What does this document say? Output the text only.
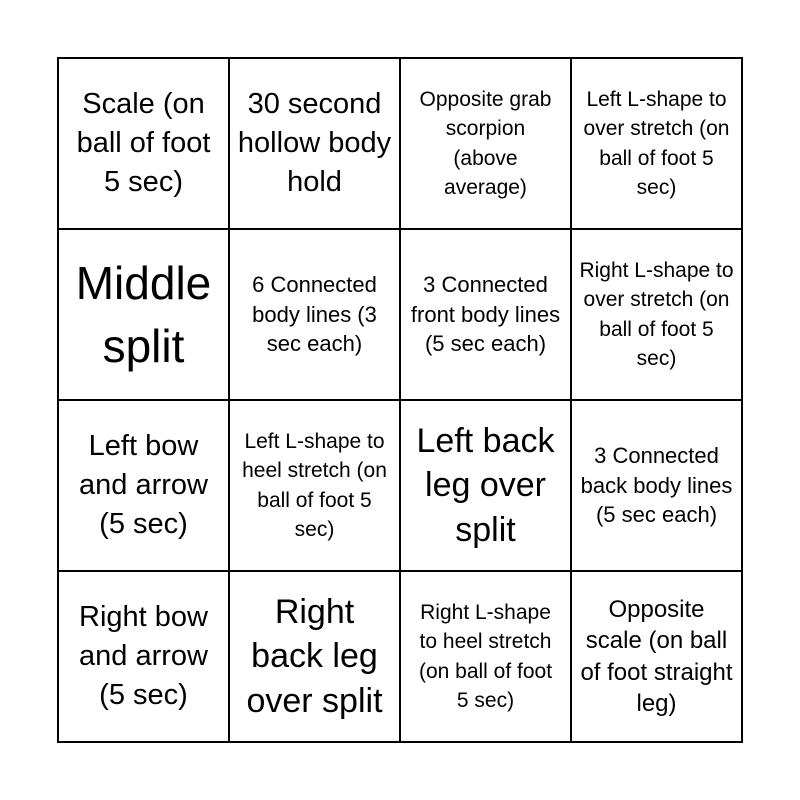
Scale (on ball of foot 5 sec)
30 second hollow body hold
Opposite grab scorpion (above average)
Left L-shape to over stretch (on ball of foot 5 sec)
Middle split
6 Connected body lines (3 sec each)
3 Connected front body lines (5 sec each)
Right L-shape to over stretch (on ball of foot 5 sec)
Left bow and arrow (5 sec)
Left L-shape to heel stretch (on ball of foot 5 sec)
Left back leg over split
3 Connected back body lines (5 sec each)
Right bow and arrow (5 sec)
Right back leg over split
Right L-shape to heel stretch (on ball of foot 5 sec)
Opposite scale (on ball of foot straight leg)
